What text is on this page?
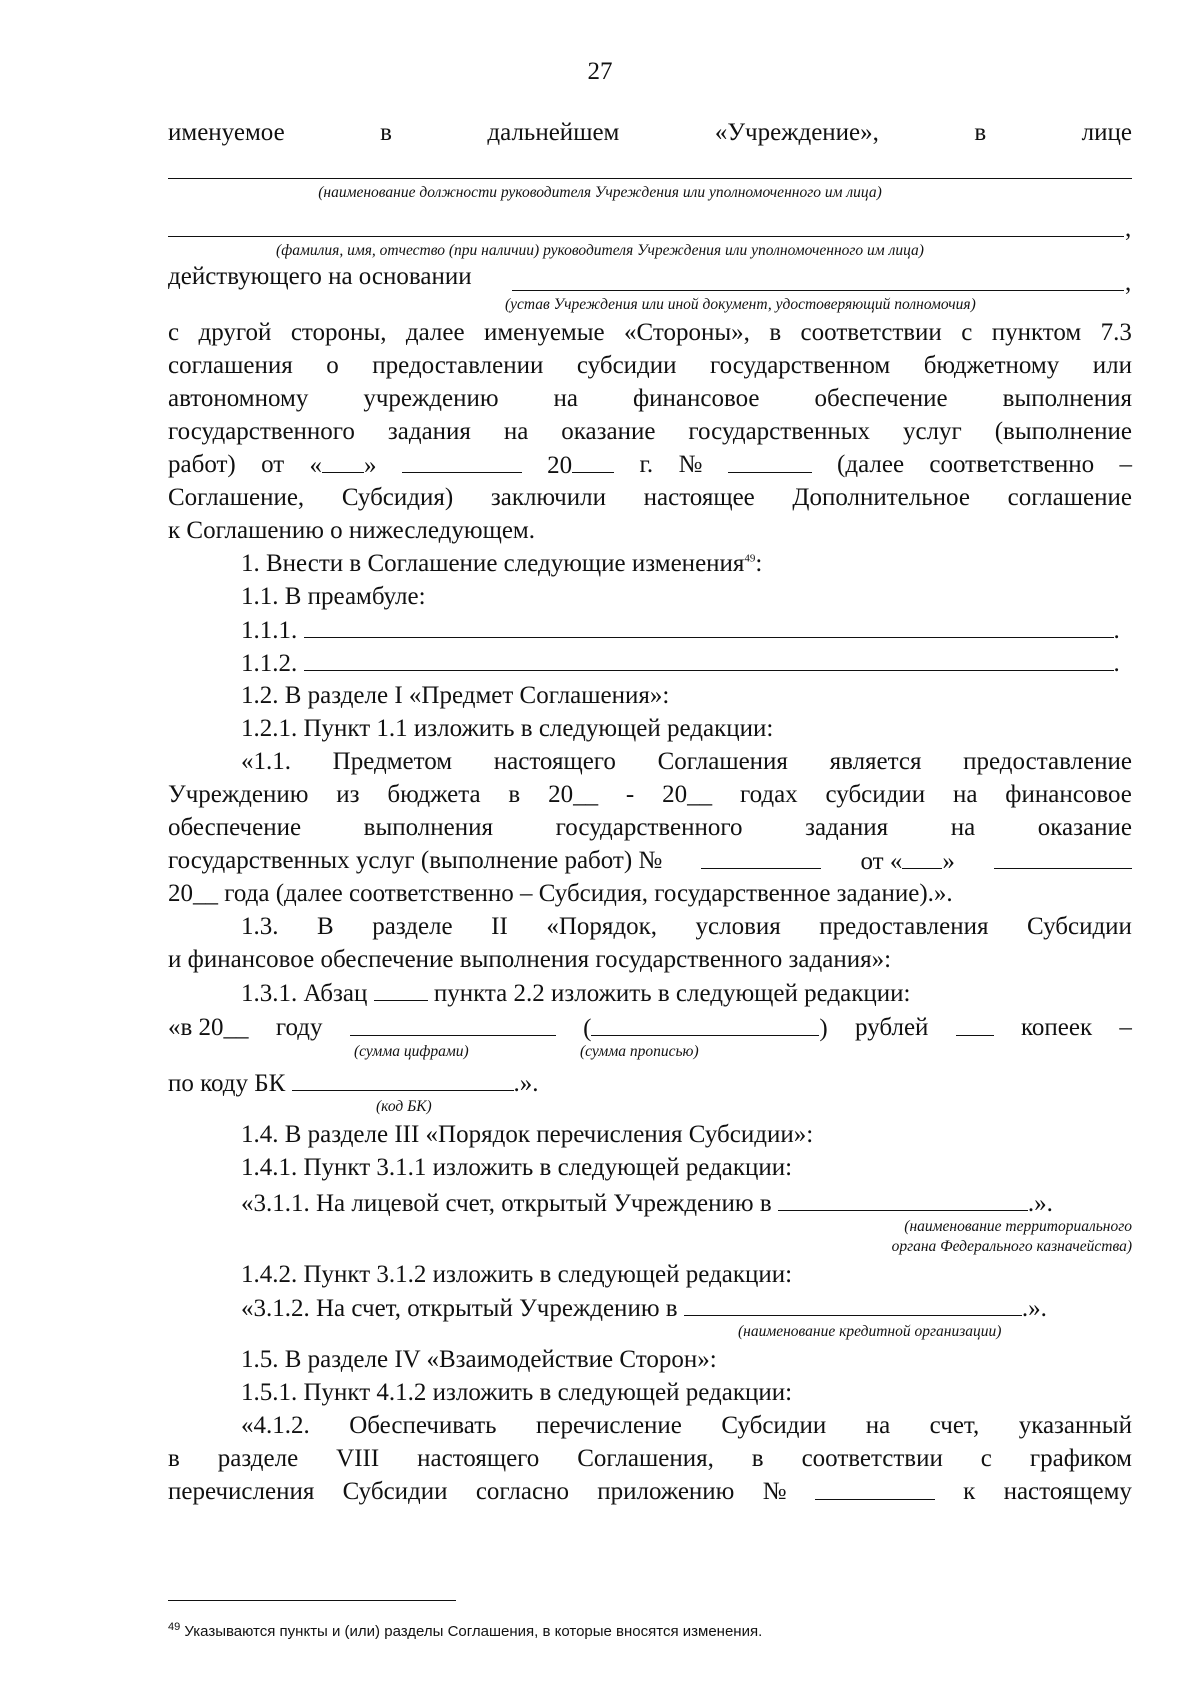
27
именуемое	в	дальнейшем	«Учреждение»,	в	лице
(наименование должности руководителя Учреждения или уполномоченного им лица)
,
(фамилия, имя, отчество (при наличии) руководителя Учреждения или уполномоченного им лица)
действующего на основании	,
(устав Учреждения или иной документ, удостоверяющий полномочия)
с другой стороны, далее именуемые «Стороны», в соответствии с пунктом 7.3
соглашения о предоставлении субсидии государственном бюджетному или
автономному учреждению на финансовое обеспечение выполнения
государственного задания на оказание государственных услуг (выполнение
работ) от « »	20	г. №	(далее соответственно –
Соглашение, Субсидия) заключили настоящее Дополнительное соглашение
к Соглашению о нижеследующем.
1. Внести в Соглашение следующие изменения$^{49}$:
1.1. В преамбуле:
1.1.1.	.
1.1.2.	.
1.2. В разделе I «Предмет Соглашения»:
1.2.1. Пункт 1.1 изложить в следующей редакции:
«1.1. Предметом настоящего Соглашения является предоставление
Учреждению из бюджета в 20__ - 20__ годах субсидии на финансовое
обеспечение	выполнения	государственного	задания	на	оказание
государственных услуг (выполнение работ) №	от « »
20__ года (далее соответственно – Субсидия, государственное задание).».
1.3. В разделе II «Порядок, условия предоставления Субсидии
и финансовое обеспечение выполнения государственного задания»:
1.3.1. Абзац	пункта 2.2 изложить в следующей редакции:
«в 20__ году	(	) рублей	копеек –
(сумма цифрами)	(сумма прописью)
по коду БК	.».
(код БК)
1.4. В разделе III «Порядок перечисления Субсидии»:
1.4.1. Пункт 3.1.1 изложить в следующей редакции:
«3.1.1. На лицевой счет, открытый Учреждению в	.».
(наименование территориального
органа Федерального казначейства)
1.4.2. Пункт 3.1.2 изложить в следующей редакции:
«3.1.2. На счет, открытый Учреждению в	.».
(наименование кредитной организации)
1.5. В разделе IV «Взаимодействие Сторон»:
1.5.1. Пункт 4.1.2 изложить в следующей редакции:
«4.1.2. Обеспечивать перечисление Субсидии на счет, указанный
в разделе VIII настоящего Соглашения, в соответствии с графиком
перечисления Субсидии согласно приложению №	к настоящему
$^{49}$ Указываются пункты и (или) разделы Соглашения, в которые вносятся изменения.
